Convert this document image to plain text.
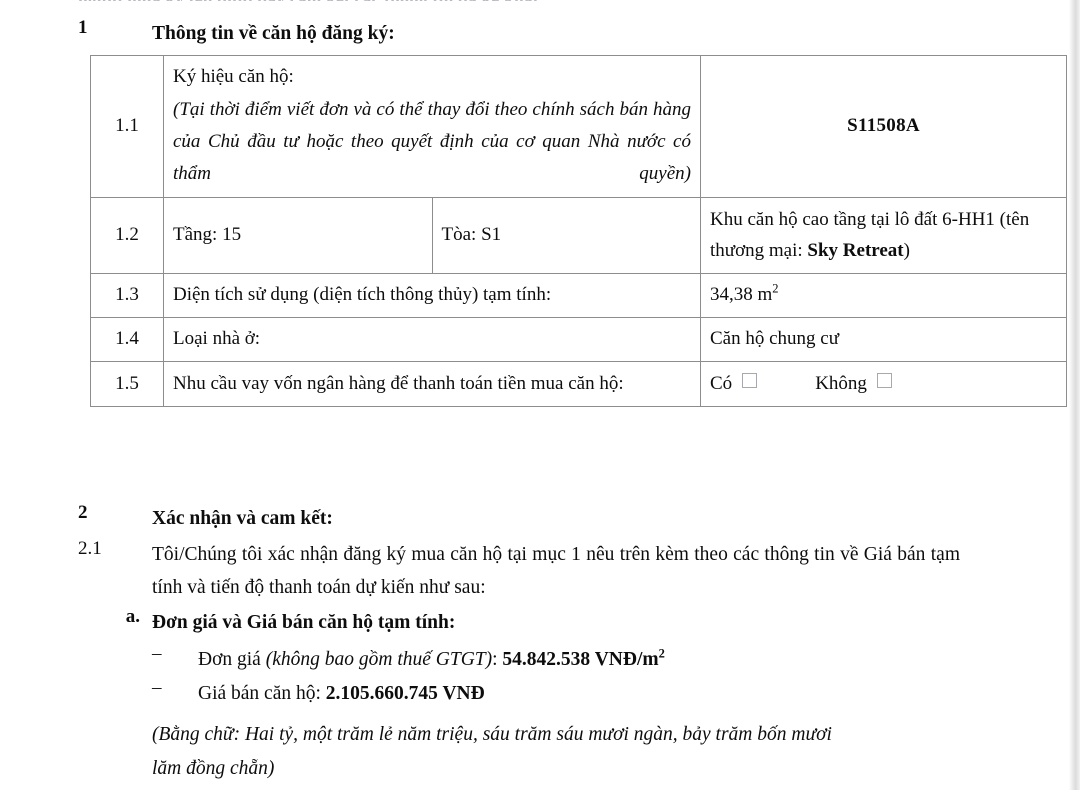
1	Thông tin về căn hộ đăng ký:
1.1	Ký hiệu căn hộ:
(Tại thời điểm viết đơn và có thể thay đổi theo chính sách bán hàng của Chủ đầu tư hoặc theo quyết định của cơ quan Nhà nước có thẩm quyền)		S11508A
1.2	Tầng: 15	Tòa: S1	Khu căn hộ cao tầng tại lô đất 6-HH1 (tên thương mại: Sky Retreat)
1.3	Diện tích sử dụng (diện tích thông thủy) tạm tính:		34,38 $m^2$
1.4	Loại nhà ở:		Căn hộ chung cư
1.5	Nhu cầu vay vốn ngân hàng để thanh toán tiền mua căn hộ:		Có Không
2	Xác nhận và cam kết:
2.1	Tôi/Chúng tôi xác nhận đăng ký mua căn hộ tại mục 1 nêu trên kèm theo các thông tin về Giá bán tạm tính và tiến độ thanh toán dự kiến như sau:
a. Đơn giá và Giá bán căn hộ tạm tính:
–	Đơn giá (không bao gồm thuế GTGT): 54.842.538 VNĐ/$m^2$
–	Giá bán căn hộ: 2.105.660.745 VNĐ
(Bằng chữ: Hai tỷ, một trăm lẻ năm triệu, sáu trăm sáu mươi ngàn, bảy trăm bốn mươi
lăm đồng chẵn)
